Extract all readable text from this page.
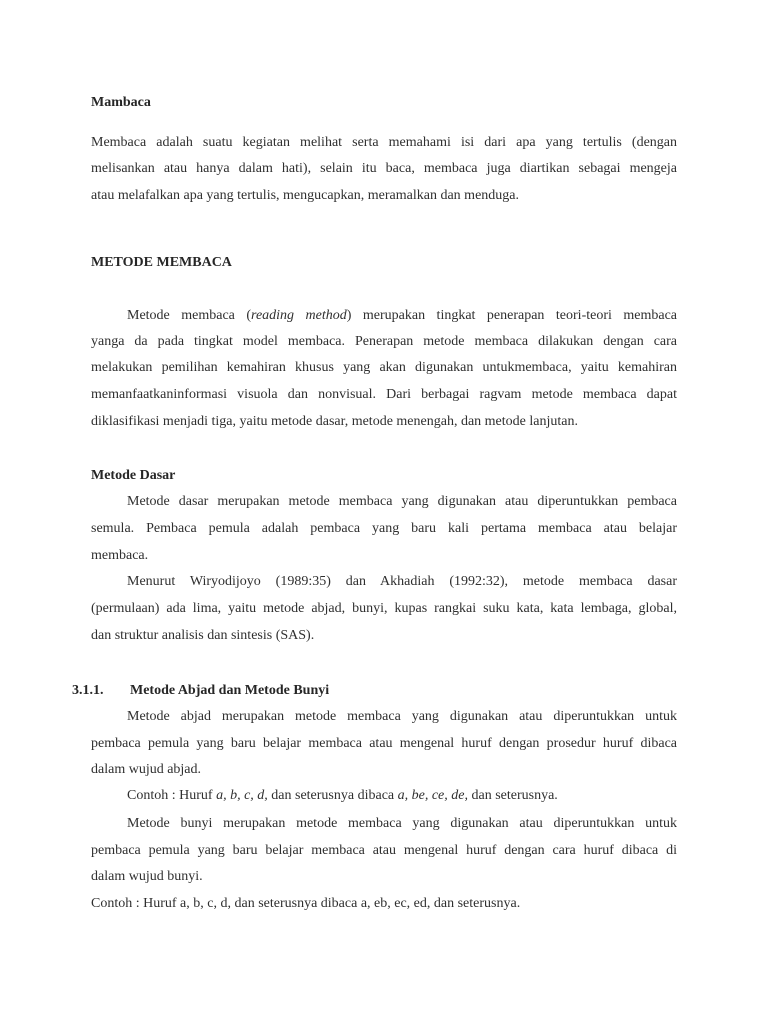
Mambaca
Membaca adalah suatu kegiatan melihat serta memahami isi dari apa yang tertulis (dengan
melisankan atau hanya dalam hati), selain itu baca, membaca juga diartikan sebagai mengeja
atau melafalkan apa yang tertulis, mengucapkan, meramalkan dan menduga.
METODE MEMBACA
Metode membaca (reading method) merupakan tingkat penerapan teori-teori membaca
yanga da pada tingkat model membaca. Penerapan metode membaca dilakukan dengan cara
melakukan pemilihan kemahiran khusus yang akan digunakan untukmembaca, yaitu kemahiran
memanfaatkaninformasi visuola dan nonvisual. Dari berbagai ragvam metode membaca dapat
diklasifikasi menjadi tiga, yaitu metode dasar, metode menengah, dan metode lanjutan.
Metode Dasar
Metode dasar merupakan metode membaca yang digunakan atau diperuntukkan pembaca
semula. Pembaca pemula adalah pembaca yang baru kali pertama membaca atau belajar
membaca.
Menurut Wiryodijoyo (1989:35) dan Akhadiah (1992:32), metode membaca dasar
(permulaan) ada lima, yaitu metode abjad, bunyi, kupas rangkai suku kata, kata lembaga, global,
dan struktur analisis dan sintesis (SAS).
3.1.1. Metode Abjad dan Metode Bunyi
Metode abjad merupakan metode membaca yang digunakan atau diperuntukkan untuk
pembaca pemula yang baru belajar membaca atau mengenal huruf dengan prosedur huruf dibaca
dalam wujud abjad.
Contoh : Huruf a, b, c, d, dan seterusnya dibaca a, be, ce, de, dan seterusnya.
Metode bunyi merupakan metode membaca yang digunakan atau diperuntukkan untuk
pembaca pemula yang baru belajar membaca atau mengenal huruf dengan cara huruf dibaca di
dalam wujud bunyi.
Contoh : Huruf a, b, c, d, dan seterusnya dibaca a, eb, ec, ed, dan seterusnya.
